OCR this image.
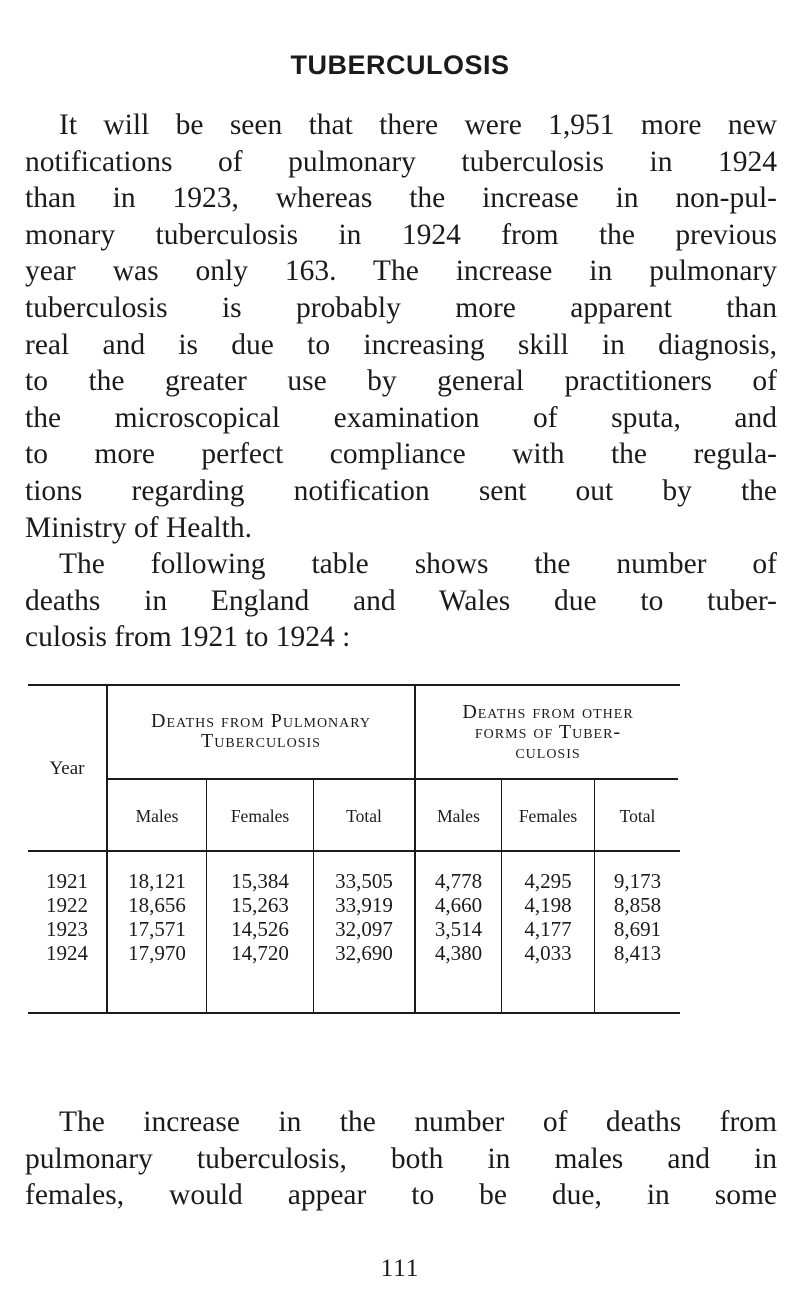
TUBERCULOSIS
It will be seen that there were 1,951 more new
notifications of pulmonary tuberculosis in 1924
than in 1923, whereas the increase in non-pul-
monary tuberculosis in 1924 from the previous
year was only 163. The increase in pulmonary
tuberculosis is probably more apparent than
real and is due to increasing skill in diagnosis,
to the greater use by general practitioners of
the microscopical examination of sputa, and
to more perfect compliance with the regula-
tions regarding notification sent out by the
Ministry of Health.
The following table shows the number of
deaths in England and Wales due to tuber-
culosis from 1921 to 1924 :
Year
Deaths from Pulmonary
Tuberculosis
Deaths from other
forms of Tuber-
culosis
Males	Females	Total	Males	Females	Total
1921	18,121	15,384	33,505	4,778	4,295	9,173
1922	18,656	15,263	33,919	4,660	4,198	8,858
1923	17,571	14,526	32,097	3,514	4,177	8,691
1924	17,970	14,720	32,690	4,380	4,033	8,413
The increase in the number of deaths from
pulmonary tuberculosis, both in males and in
females, would appear to be due, in some
111
